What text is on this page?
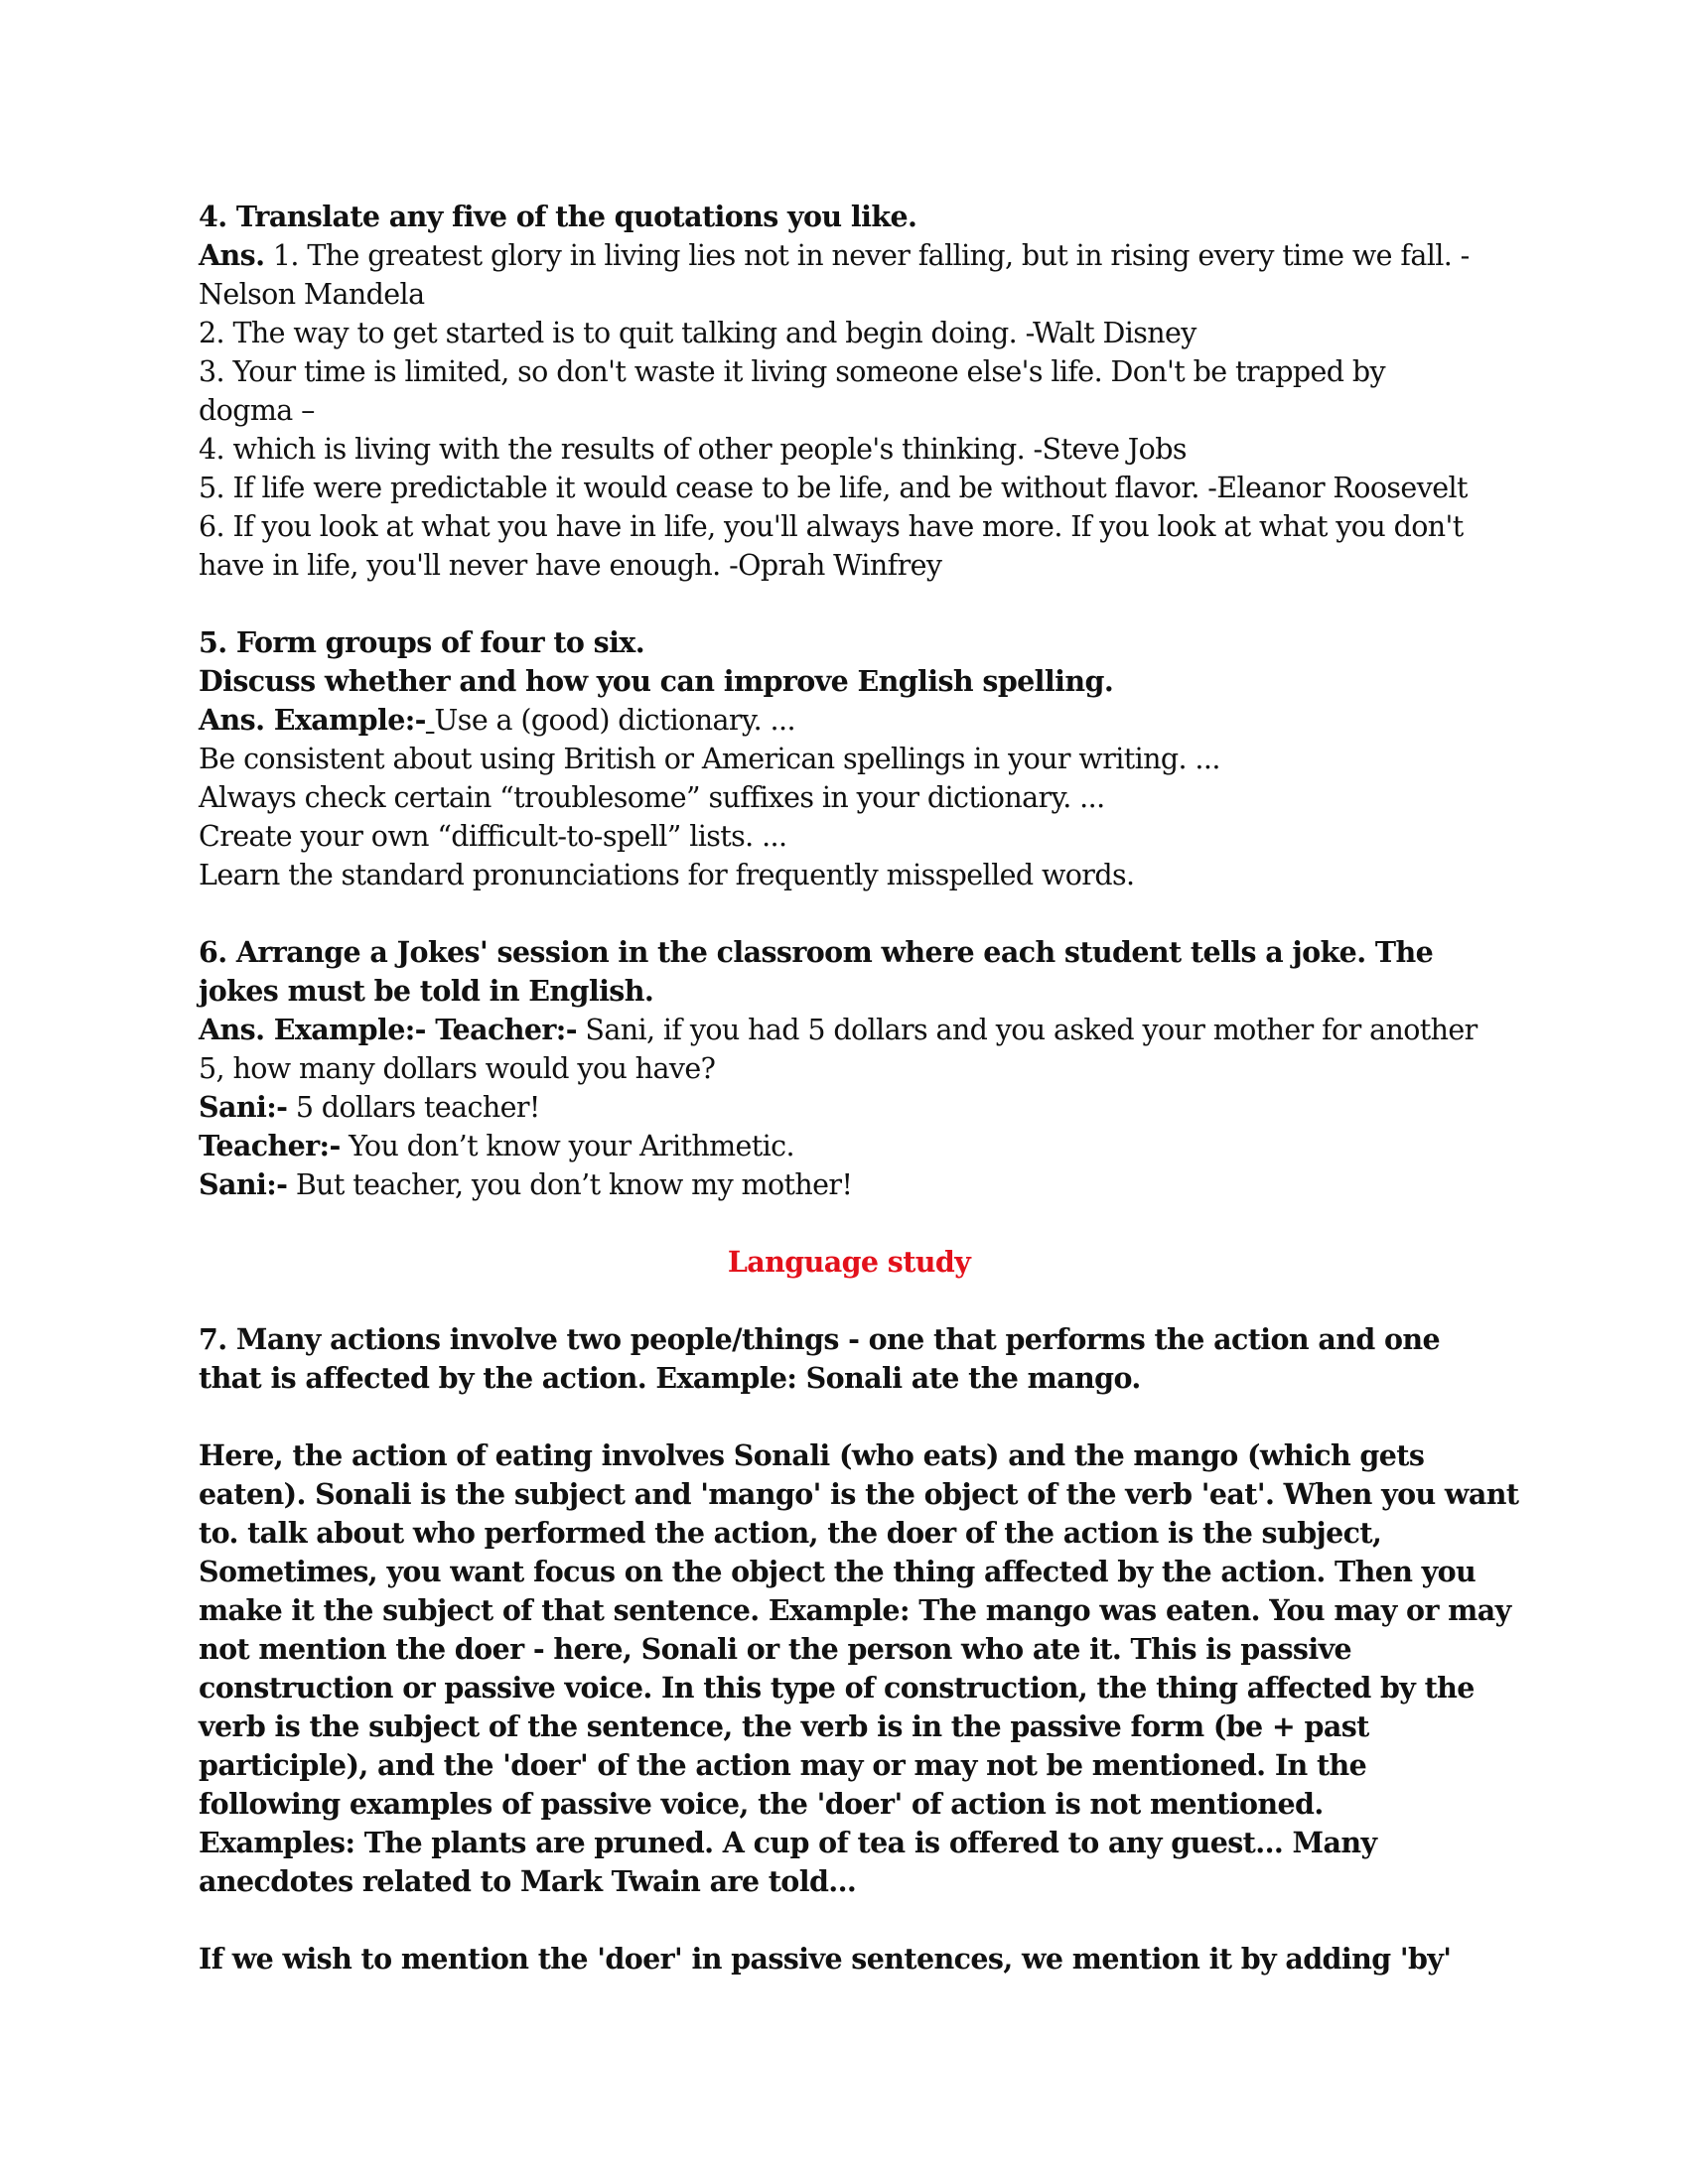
4. Translate any five of the quotations you like.
Ans. 1. The greatest glory in living lies not in never falling, but in rising every time we fall. -
Nelson Mandela
2. The way to get started is to quit talking and begin doing. -Walt Disney
3. Your time is limited, so don't waste it living someone else's life. Don't be trapped by
dogma –
4. which is living with the results of other people's thinking. -Steve Jobs
5. If life were predictable it would cease to be life, and be without flavor. -Eleanor Roosevelt
6. If you look at what you have in life, you'll always have more. If you look at what you don't
have in life, you'll never have enough. -Oprah Winfrey
5. Form groups of four to six.
Discuss whether and how you can improve English spelling.
Ans. Example:- Use a (good) dictionary. ...
Be consistent about using British or American spellings in your writing. ...
Always check certain “troublesome” suffixes in your dictionary. ...
Create your own “difficult-to-spell” lists. ...
Learn the standard pronunciations for frequently misspelled words.
6. Arrange a Jokes' session in the classroom where each student tells a joke. The
jokes must be told in English.
Ans. Example:- Teacher:- Sani, if you had 5 dollars and you asked your mother for another
5, how many dollars would you have?
Sani:- 5 dollars teacher!
Teacher:- You don’t know your Arithmetic.
Sani:- But teacher, you don’t know my mother!
Language study
7. Many actions involve two people/things - one that performs the action and one
that is affected by the action. Example: Sonali ate the mango.
Here, the action of eating involves Sonali (who eats) and the mango (which gets
eaten). Sonali is the subject and 'mango' is the object of the verb 'eat'. When you want
to. talk about who performed the action, the doer of the action is the subject,
Sometimes, you want focus on the object the thing affected by the action. Then you
make it the subject of that sentence. Example: The mango was eaten. You may or may
not mention the doer - here, Sonali or the person who ate it. This is passive
construction or passive voice. In this type of construction, the thing affected by the
verb is the subject of the sentence, the verb is in the passive form (be + past
participle), and the 'doer' of the action may or may not be mentioned. In the
following examples of passive voice, the 'doer' of action is not mentioned.
Examples: The plants are pruned. A cup of tea is offered to any guest... Many
anecdotes related to Mark Twain are told...
If we wish to mention the 'doer' in passive sentences, we mention it by adding 'by'
